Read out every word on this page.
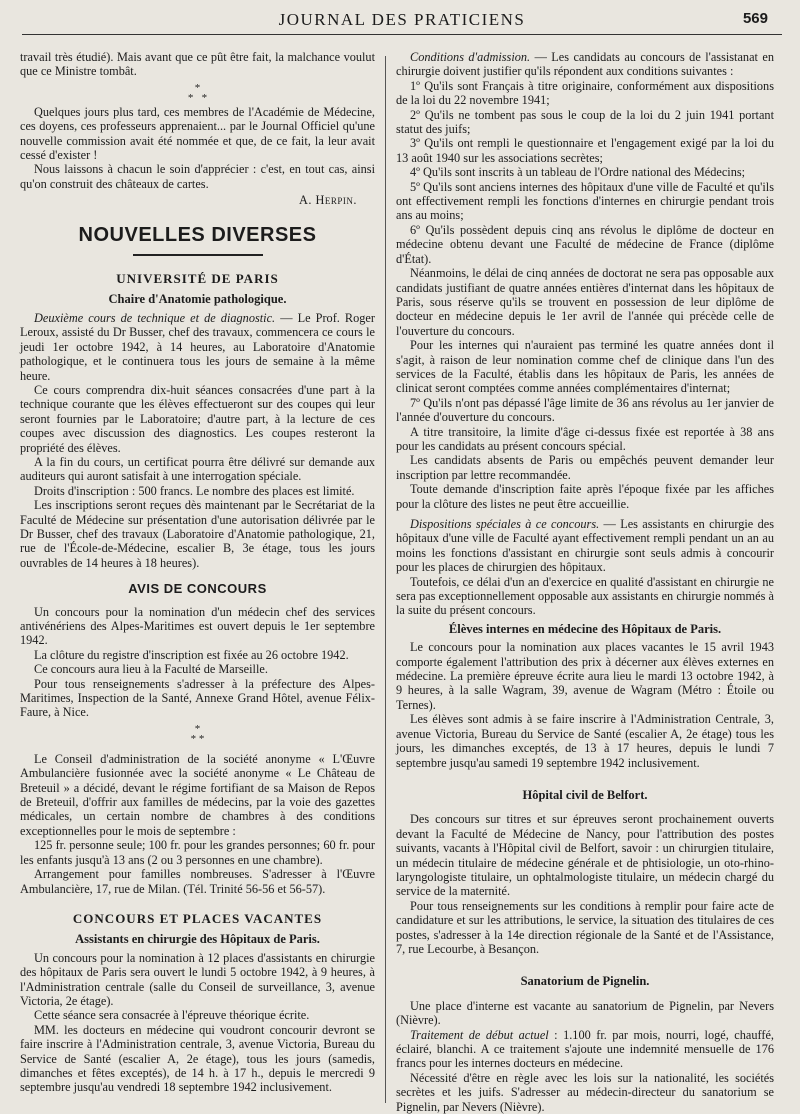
JOURNAL DES PRATICIENS	569

travail très étudié). Mais avant que ce pût être fait, la malchance voulut que ce Ministre tombât.

*
*   *

Quelques jours plus tard, ces membres de l'Académie de Médecine, ces doyens, ces professeurs apprenaient... par le Journal Officiel qu'une nouvelle commission avait été nommée et que, de ce fait, la leur avait cessé d'exister !

Nous laissons à chacun le soin d'apprécier : c'est, en tout cas, ainsi qu'on construit des châteaux de cartes.

A. Herpin.
NOUVELLES DIVERSES
UNIVERSITÉ DE PARIS
Chaire d'Anatomie pathologique.

Deuxième cours de technique et de diagnostic. — Le Prof. Roger Leroux, assisté du Dr Busser, chef des travaux, commencera ce cours le jeudi 1er octobre 1942, à 14 heures, au Laboratoire d'Anatomie pathologique, et le continuera tous les jours de semaine à la même heure.

Ce cours comprendra dix-huit séances consacrées d'une part à la technique courante que les élèves effectueront sur des coupes qui leur seront fournies par le Laboratoire; d'autre part, à la lecture de ces coupes avec discussion des diagnostics. Les coupes resteront la propriété des élèves.

A la fin du cours, un certificat pourra être délivré sur demande aux auditeurs qui auront satisfait à une interrogation spéciale.

Droits d'inscription : 500 francs. Le nombre des places est limité.

Les inscriptions seront reçues dès maintenant par le Secrétariat de la Faculté de Médecine sur présentation d'une autorisation délivrée par le Dr Busser, chef des travaux (Laboratoire d'Anatomie pathologique, 21, rue de l'École-de-Médecine, escalier B, 3e étage, tous les jours ouvrables de 14 heures à 18 heures).

AVIS DE CONCOURS

Un concours pour la nomination d'un médecin chef des services antivénériens des Alpes-Maritimes est ouvert depuis le 1er septembre 1942.

La clôture du registre d'inscription est fixée au 26 octobre 1942.

Ce concours aura lieu à la Faculté de Marseille.

Pour tous renseignements s'adresser à la préfecture des Alpes-Maritimes, Inspection de la Santé, Annexe Grand Hôtel, avenue Félix-Faure, à Nice.

*
* *

Le Conseil d'administration de la société anonyme « L'Œuvre Ambulancière fusionnée avec la société anonyme « Le Château de Breteuil » a décidé, devant le régime fortifiant de sa Maison de Repos de Breteuil, d'offrir aux familles de médecins, par la voie des gazettes médicales, un certain nombre de chambres à des conditions exceptionnelles pour le mois de septembre :

125 fr. personne seule; 100 fr. pour les grandes personnes; 60 fr. pour les enfants jusqu'à 13 ans (2 ou 3 personnes en une chambre).

Arrangement pour familles nombreuses. S'adresser à l'Œuvre Ambulancière, 17, rue de Milan. (Tél. Trinité 56-56 et 56-57).

CONCOURS ET PLACES VACANTES
Assistants en chirurgie des Hôpitaux de Paris.

Un concours pour la nomination à 12 places d'assistants en chirurgie des hôpitaux de Paris sera ouvert le lundi 5 octobre 1942, à 9 heures, à l'Administration centrale (salle du Conseil de surveillance, 3, avenue Victoria, 2e étage).

Cette séance sera consacrée à l'épreuve théorique écrite.

MM. les docteurs en médecine qui voudront concourir devront se faire inscrire à l'Administration centrale, 3, avenue Victoria, Bureau du Service de Santé (escalier A, 2e étage), tous les jours (samedis, dimanches et fêtes exceptés), de 14 h. à 17 h., depuis le mercredi 9 septembre jusqu'au vendredi 18 septembre 1942 inclusivement.

Conditions d'admission. — Les candidats au concours de l'assistanat en chirurgie doivent justifier qu'ils répondent aux conditions suivantes :

1º Qu'ils sont Français à titre originaire, conformément aux dispositions de la loi du 22 novembre 1941;

2º Qu'ils ne tombent pas sous le coup de la loi du 2 juin 1941 portant statut des juifs;

3º Qu'ils ont rempli le questionnaire et l'engagement exigé par la loi du 13 août 1940 sur les associations secrètes;

4º Qu'ils sont inscrits à un tableau de l'Ordre national des Médecins;

5º Qu'ils sont anciens internes des hôpitaux d'une ville de Faculté et qu'ils ont effectivement rempli les fonctions d'internes en chirurgie pendant trois ans au moins;

6º Qu'ils possèdent depuis cinq ans révolus le diplôme de docteur en médecine obtenu devant une Faculté de médecine de France (diplôme d'État).

Néanmoins, le délai de cinq années de doctorat ne sera pas opposable aux candidats justifiant de quatre années entières d'internat dans les hôpitaux de Paris, sous réserve qu'ils se trouvent en possession de leur diplôme de docteur en médecine depuis le 1er avril de l'année qui précède celle de l'ouverture du concours.

Pour les internes qui n'auraient pas terminé les quatre années dont il s'agit, à raison de leur nomination comme chef de clinique dans l'un des services de la Faculté, établis dans les hôpitaux de Paris, les années de clinicat seront comptées comme années complémentaires d'internat;

7º Qu'ils n'ont pas dépassé l'âge limite de 36 ans révolus au 1er janvier de l'année d'ouverture du concours.

A titre transitoire, la limite d'âge ci-dessus fixée est reportée à 38 ans pour les candidats au présent concours spécial.

Les candidats absents de Paris ou empêchés peuvent demander leur inscription par lettre recommandée.

Toute demande d'inscription faite après l'époque fixée par les affiches pour la clôture des listes ne peut être accueillie.

Dispositions spéciales à ce concours. — Les assistants en chirurgie des hôpitaux d'une ville de Faculté ayant effectivement rempli pendant un an au moins les fonctions d'assistant en chirurgie sont seuls admis à concourir pour les places de chirurgien des hôpitaux.

Toutefois, ce délai d'un an d'exercice en qualité d'assistant en chirurgie ne sera pas exceptionnellement opposable aux assistants en chirurgie nommés à la suite du présent concours.

Élèves internes en médecine des Hôpitaux de Paris.

Le concours pour la nomination aux places vacantes le 15 avril 1943 comporte également l'attribution des prix à décerner aux élèves externes en médecine. La première épreuve écrite aura lieu le mardi 13 octobre 1942, à 9 heures, à la salle Wagram, 39, avenue de Wagram (Métro : Étoile ou Ternes).

Les élèves sont admis à se faire inscrire à l'Administration Centrale, 3, avenue Victoria, Bureau du Service de Santé (escalier A, 2e étage) tous les jours, les dimanches exceptés, de 13 à 17 heures, depuis le lundi 7 septembre jusqu'au samedi 19 septembre 1942 inclusivement.

Hôpital civil de Belfort.

Des concours sur titres et sur épreuves seront prochainement ouverts devant la Faculté de Médecine de Nancy, pour l'attribution des postes suivants, vacants à l'Hôpital civil de Belfort, savoir : un chirurgien titulaire, un médecin titulaire de médecine générale et de phtisiologie, un oto-rhino-laryngologiste titulaire, un ophtalmologiste titulaire, un médecin chargé du service de la maternité.

Pour tous renseignements sur les conditions à remplir pour faire acte de candidature et sur les attributions, le service, la situation des titulaires de ces postes, s'adresser à la 14e direction régionale de la Santé et de l'Assistance, 7, rue Lecourbe, à Besançon.

Sanatorium de Pignelin.

Une place d'interne est vacante au sanatorium de Pignelin, par Nevers (Nièvre).

Traitement de début actuel : 1.100 fr. par mois, nourri, logé, chauffé, éclairé, blanchi. A ce traitement s'ajoute une indemnité mensuelle de 176 francs pour les internes docteurs en médecine.

Nécessité d'être en règle avec les lois sur la nationalité, les sociétés secrètes et les juifs. S'adresser au médecin-directeur du sanatorium se Pignelin, par Nevers (Nièvre).
